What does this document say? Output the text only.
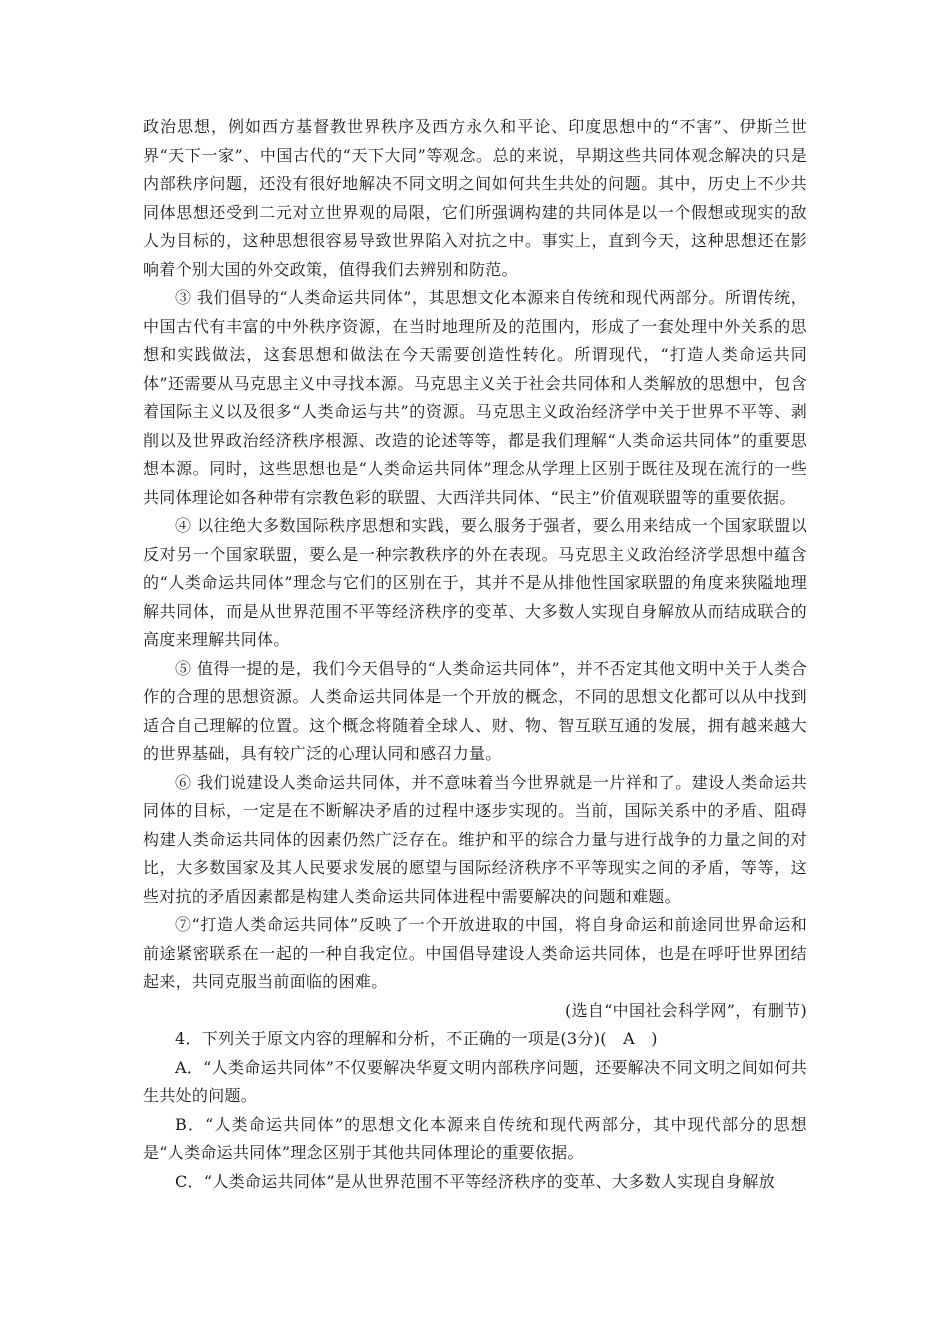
政治思想，例如西方基督教世界秩序及西方永久和平论、印度思想中的“不害”、伊斯兰世界“天下一家”、中国古代的“天下大同”等观念。总的来说，早期这些共同体观念解决的只是内部秩序问题，还没有很好地解决不同文明之间如何共生共处的问题。其中，历史上不少共同体思想还受到二元对立世界观的局限，它们所强调构建的共同体是以一个假想或现实的敌人为目标的，这种思想很容易导致世界陷入对抗之中。事实上，直到今天，这种思想还在影响着个别大国的外交政策，值得我们去辨别和防范。

③ 我们倡导的“人类命运共同体”，其思想文化本源来自传统和现代两部分。所谓传统，中国古代有丰富的中外秩序资源，在当时地理所及的范围内，形成了一套处理中外关系的思想和实践做法，这套思想和做法在今天需要创造性转化。所谓现代，“打造人类命运共同体”还需要从马克思主义中寻找本源。马克思主义关于社会共同体和人类解放的思想中，包含着国际主义以及很多“人类命运与共”的资源。马克思主义政治经济学中关于世界不平等、剥削以及世界政治经济秩序根源、改造的论述等等，都是我们理解“人类命运共同体”的重要思想本源。同时，这些思想也是“人类命运共同体”理念从学理上区别于既往及现在流行的一些共同体理论如各种带有宗教色彩的联盟、大西洋共同体、“民主”价值观联盟等的重要依据。

④ 以往绝大多数国际秩序思想和实践，要么服务于强者，要么用来结成一个国家联盟以反对另一个国家联盟，要么是一种宗教秩序的外在表现。马克思主义政治经济学思想中蕴含的“人类命运共同体”理念与它们的区别在于，其并不是从排他性国家联盟的角度来狭隘地理解共同体，而是从世界范围不平等经济秩序的变革、大多数人实现自身解放从而结成联合的高度来理解共同体。

⑤ 值得一提的是，我们今天倡导的“人类命运共同体”，并不否定其他文明中关于人类合作的合理的思想资源。人类命运共同体是一个开放的概念，不同的思想文化都可以从中找到适合自己理解的位置。这个概念将随着全球人、财、物、智互联互通的发展，拥有越来越大的世界基础，具有较广泛的心理认同和感召力量。

⑥ 我们说建设人类命运共同体，并不意味着当今世界就是一片祥和了。建设人类命运共同体的目标，一定是在不断解决矛盾的过程中逐步实现的。当前，国际关系中的矛盾、阻碍构建人类命运共同体的因素仍然广泛存在。维护和平的综合力量与进行战争的力量之间的对比，大多数国家及其人民要求发展的愿望与国际经济秩序不平等现实之间的矛盾，等等，这些对抗的矛盾因素都是构建人类命运共同体进程中需要解决的问题和难题。

⑦“打造人类命运共同体”反映了一个开放进取的中国，将自身命运和前途同世界命运和前途紧密联系在一起的一种自我定位。中国倡导建设人类命运共同体，也是在呼吁世界团结起来，共同克服当前面临的困难。

(选自“中国社会科学网”，有删节)

4．下列关于原文内容的理解和分析，不正确的一项是(3分)(　A　)

A．“人类命运共同体”不仅要解决华夏文明内部秩序问题，还要解决不同文明之间如何共生共处的问题。

B．“人类命运共同体”的思想文化本源来自传统和现代两部分，其中现代部分的思想是“人类命运共同体”理念区别于其他共同体理论的重要依据。

C．“人类命运共同体”是从世界范围不平等经济秩序的变革、大多数人实现自身解放
